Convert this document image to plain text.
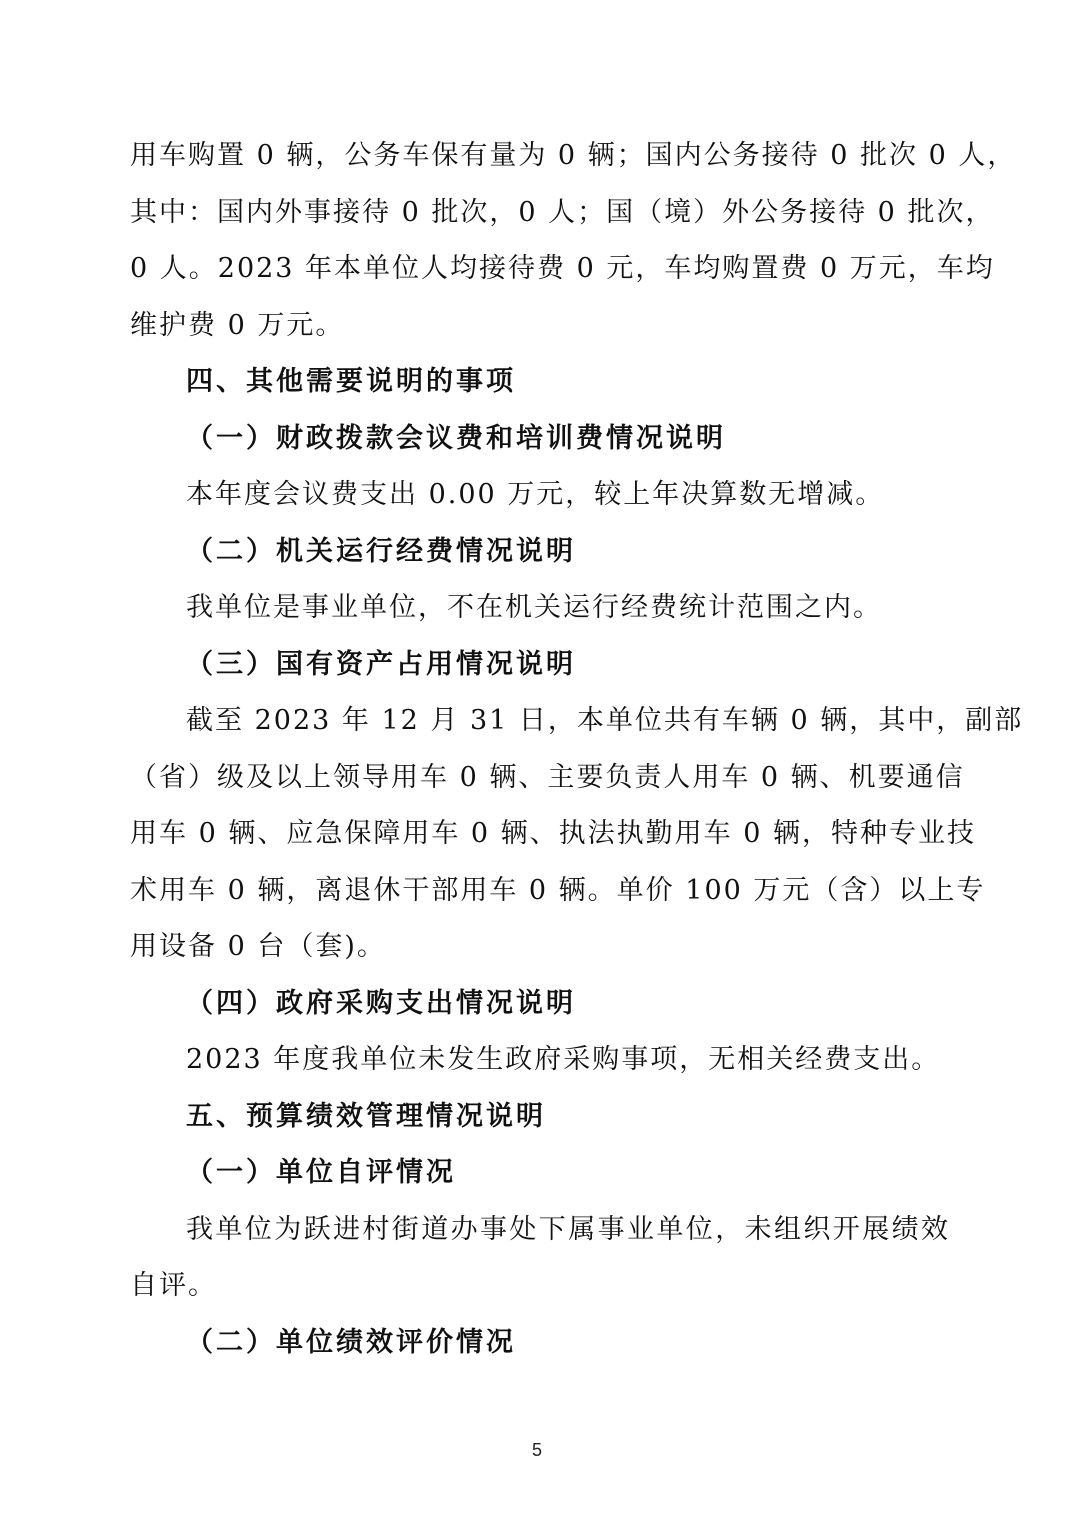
用车购置 0 辆，公务车保有量为 0 辆；国内公务接待 0 批次 0 人，
其中：国内外事接待 0 批次，0 人；国（境）外公务接待 0 批次，
0 人。2023 年本单位人均接待费 0 元，车均购置费 0 万元，车均
维护费 0 万元。
四、其他需要说明的事项
（一）财政拨款会议费和培训费情况说明
本年度会议费支出 0.00 万元，较上年决算数无增减。
（二）机关运行经费情况说明
我单位是事业单位，不在机关运行经费统计范围之内。
（三）国有资产占用情况说明
截至 2023 年 12 月 31 日，本单位共有车辆 0 辆，其中，副部
（省）级及以上领导用车 0 辆、主要负责人用车 0 辆、机要通信
用车 0 辆、应急保障用车 0 辆、执法执勤用车 0 辆，特种专业技
术用车 0 辆，离退休干部用车 0 辆。单价 100 万元（含）以上专
用设备 0 台（套)。
（四）政府采购支出情况说明
2023 年度我单位未发生政府采购事项，无相关经费支出。
五、预算绩效管理情况说明
（一）单位自评情况
我单位为跃进村街道办事处下属事业单位，未组织开展绩效
自评。
（二）单位绩效评价情况
5
